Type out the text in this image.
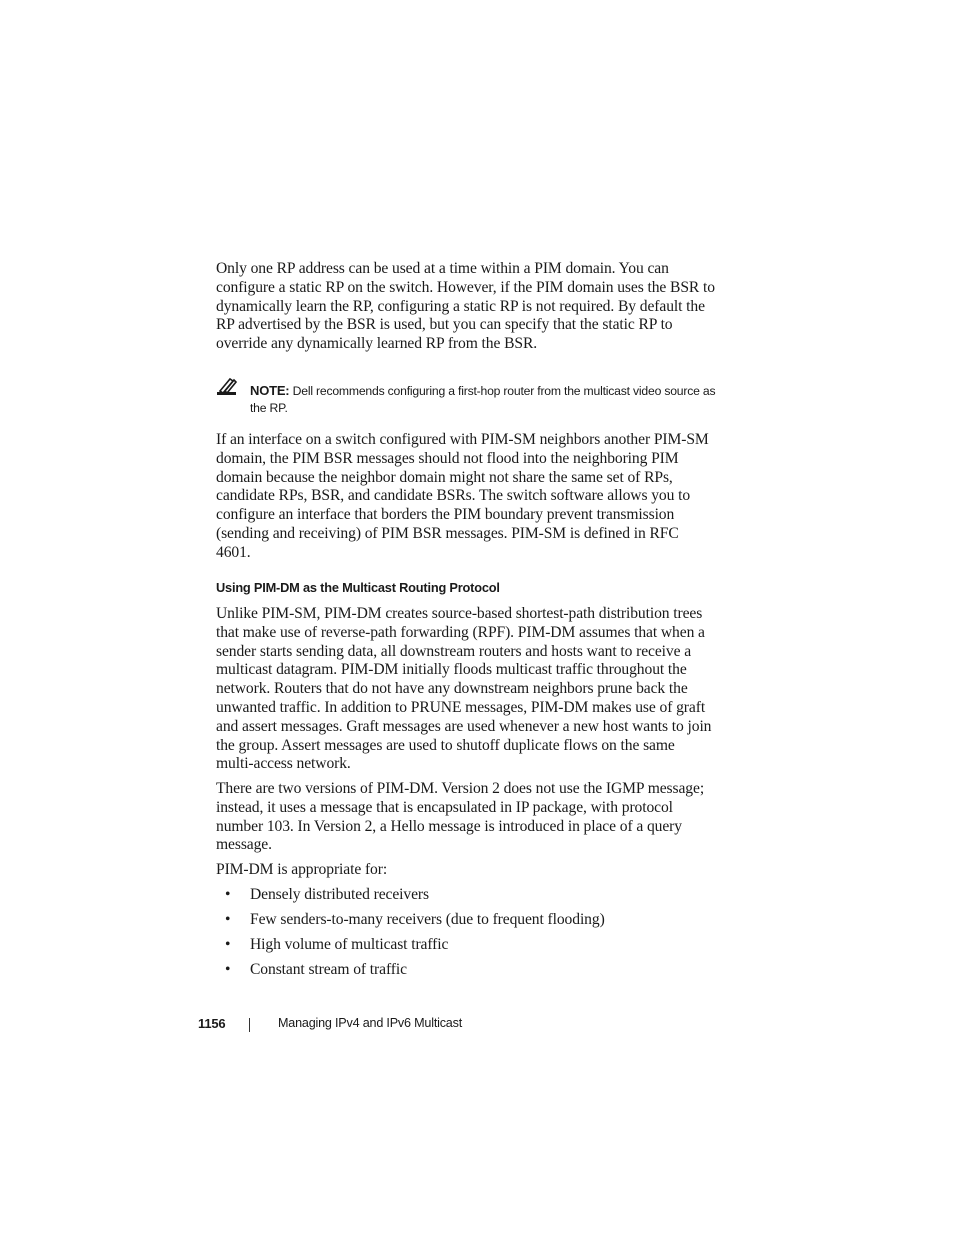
Only one RP address can be used at a time within a PIM domain. You can configure a static RP on the switch. However, if the PIM domain uses the BSR to dynamically learn the RP, configuring a static RP is not required. By default the RP advertised by the BSR is used, but you can specify that the static RP to override any dynamically learned RP from the BSR.

NOTE: Dell recommends configuring a first-hop router from the multicast video source as the RP.

If an interface on a switch configured with PIM-SM neighbors another PIM-SM domain, the PIM BSR messages should not flood into the neighboring PIM domain because the neighbor domain might not share the same set of RPs, candidate RPs, BSR, and candidate BSRs. The switch software allows you to configure an interface that borders the PIM boundary prevent transmission (sending and receiving) of PIM BSR messages. PIM-SM is defined in RFC 4601.

Using PIM-DM as the Multicast Routing Protocol

Unlike PIM-SM, PIM-DM creates source-based shortest-path distribution trees that make use of reverse-path forwarding (RPF). PIM-DM assumes that when a sender starts sending data, all downstream routers and hosts want to receive a multicast datagram. PIM-DM initially floods multicast traffic throughout the network. Routers that do not have any downstream neighbors prune back the unwanted traffic. In addition to PRUNE messages, PIM-DM makes use of graft and assert messages. Graft messages are used whenever a new host wants to join the group. Assert messages are used to shutoff duplicate flows on the same multi-access network.

There are two versions of PIM-DM. Version 2 does not use the IGMP message; instead, it uses a message that is encapsulated in IP package, with protocol number 103. In Version 2, a Hello message is introduced in place of a query message.

PIM-DM is appropriate for:

• Densely distributed receivers
• Few senders-to-many receivers (due to frequent flooding)
• High volume of multicast traffic
• Constant stream of traffic
1156	Managing IPv4 and IPv6 Multicast
